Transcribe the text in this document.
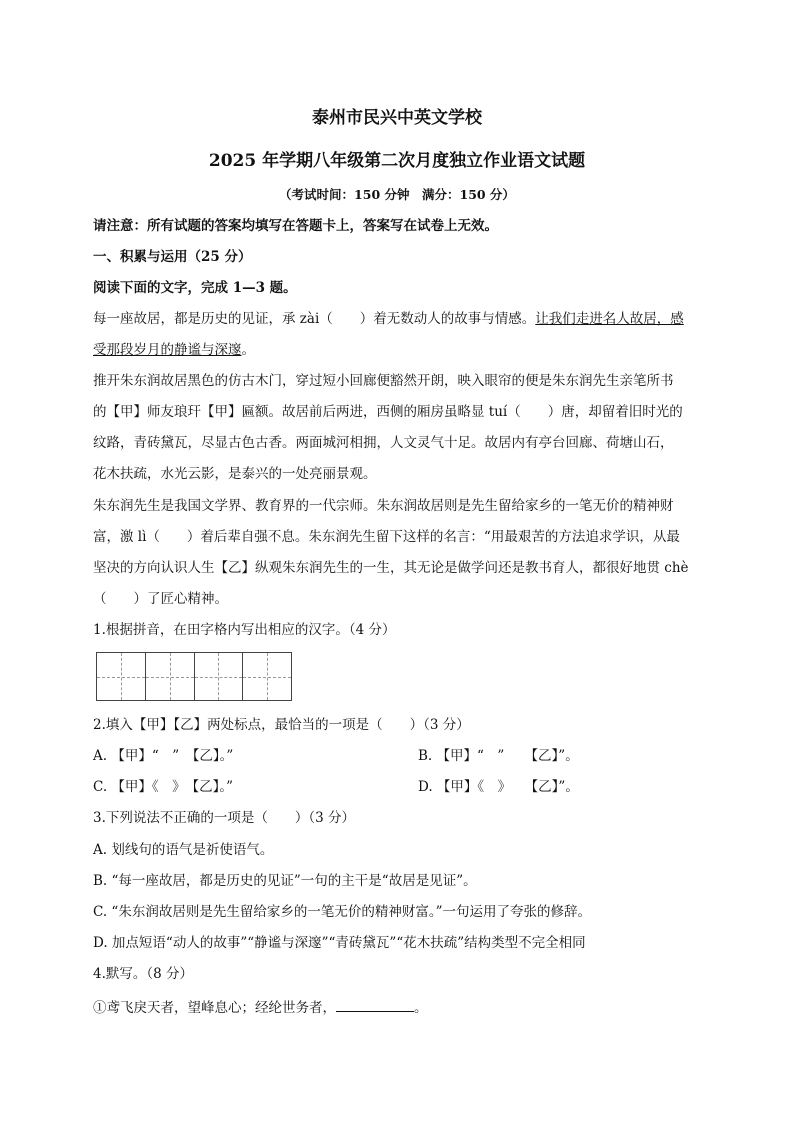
泰州市民兴中英文学校
2025 年学期八年级第二次月度独立作业语文试题
（考试时间：150 分钟　满分：150 分）
请注意：所有试题的答案均填写在答题卡上，答案写在试卷上无效。
一、积累与运用（25 分）
阅读下面的文字，完成 1—3 题。
每一座故居，都是历史的见证，承 zài（　　）着无数动人的故事与情感。让我们走进名人故居，感
受那段岁月的静谧与深邃。
推开朱东润故居黑色的仿古木门，穿过短小回廊便豁然开朗，映入眼帘的便是朱东润先生亲笔所书
的【甲】师友琅玕【甲】匾额。故居前后两进，西侧的厢房虽略显 tuí（　　）唐，却留着旧时光的
纹路，青砖黛瓦，尽显古色古香。两面城河相拥，人文灵气十足。故居内有亭台回廊、荷塘山石，
花木扶疏，水光云影，是泰兴的一处亮丽景观。
朱东润先生是我国文学界、教育界的一代宗师。朱东润故居则是先生留给家乡的一笔无价的精神财
富，激 lì（　　）着后辈自强不息。朱东润先生留下这样的名言：“用最艰苦的方法追求学识，从最
坚决的方向认识人生【乙】纵观朱东润先生的一生，其无论是做学问还是教书育人，都很好地贯 chè
（　　）了匠心精神。
1.根据拼音，在田字格内写出相应的汉字。（4 分）
2.填入【甲】【乙】两处标点，最恰当的一项是（　　）（3 分）
A. 【甲】“　”　【乙】。”	B. 【甲】“　”　　【乙】”。
C. 【甲】《　》　【乙】。”	D. 【甲】《　》　　【乙】”。
3.下列说法不正确的一项是（　　）（3 分）
A. 划线句的语气是祈使语气。
B. “每一座故居，都是历史的见证”一句的主干是“故居是见证”。
C. “朱东润故居则是先生留给家乡的一笔无价的精神财富。”一句运用了夸张的修辞。
D. 加点短语“动人的故事”“静谧与深邃”“青砖黛瓦”“花木扶疏”结构类型不完全相同
4.默写。（8 分）
①鸢飞戾天者，望峰息心；经纶世务者，	。
